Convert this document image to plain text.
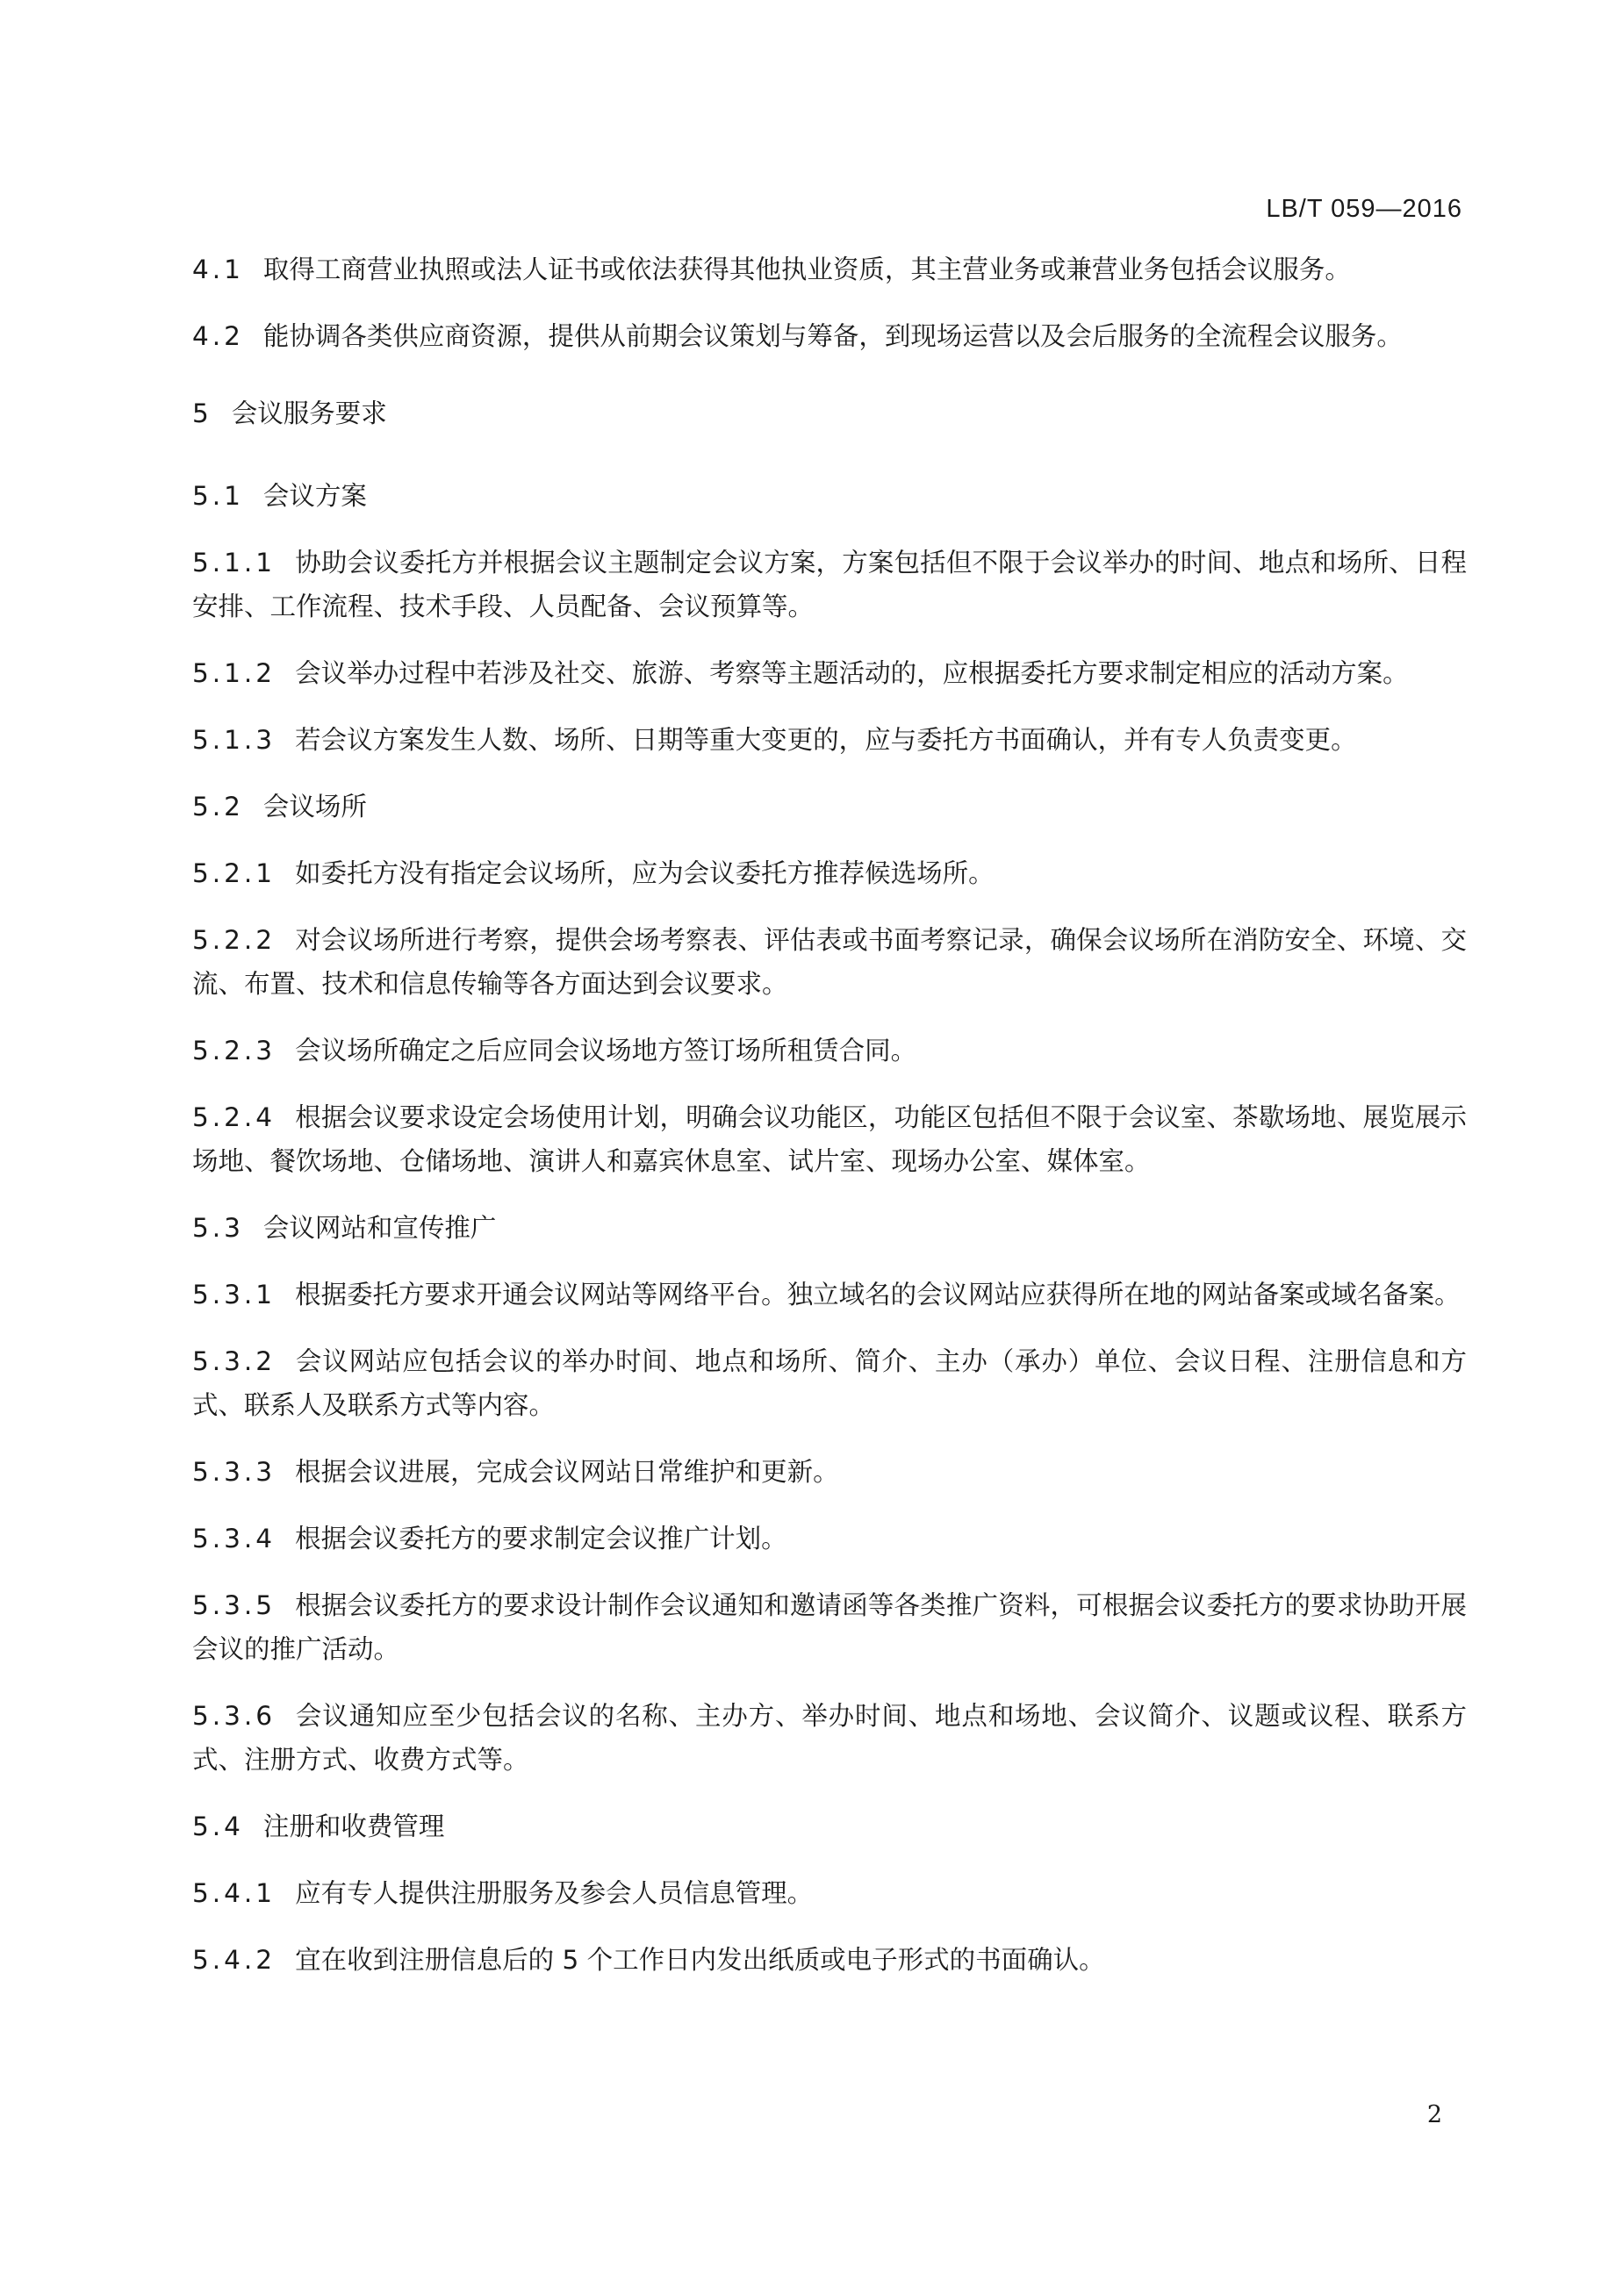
LB/T 059—2016
4.1 取得工商营业执照或法人证书或依法获得其他执业资质，其主营业务或兼营业务包括会议服务。
4.2 能协调各类供应商资源，提供从前期会议策划与筹备，到现场运营以及会后服务的全流程会议服务。
5 会议服务要求
5.1 会议方案
5.1.1 协助会议委托方并根据会议主题制定会议方案，方案包括但不限于会议举办的时间、地点和场所、日程安排、工作流程、技术手段、人员配备、会议预算等。
5.1.2 会议举办过程中若涉及社交、旅游、考察等主题活动的，应根据委托方要求制定相应的活动方案。
5.1.3 若会议方案发生人数、场所、日期等重大变更的，应与委托方书面确认，并有专人负责变更。
5.2 会议场所
5.2.1 如委托方没有指定会议场所，应为会议委托方推荐候选场所。
5.2.2 对会议场所进行考察，提供会场考察表、评估表或书面考察记录，确保会议场所在消防安全、环境、交流、布置、技术和信息传输等各方面达到会议要求。
5.2.3 会议场所确定之后应同会议场地方签订场所租赁合同。
5.2.4 根据会议要求设定会场使用计划，明确会议功能区，功能区包括但不限于会议室、茶歇场地、展览展示场地、餐饮场地、仓储场地、演讲人和嘉宾休息室、试片室、现场办公室、媒体室。
5.3 会议网站和宣传推广
5.3.1 根据委托方要求开通会议网站等网络平台。独立域名的会议网站应获得所在地的网站备案或域名备案。
5.3.2 会议网站应包括会议的举办时间、地点和场所、简介、主办（承办）单位、会议日程、注册信息和方式、联系人及联系方式等内容。
5.3.3 根据会议进展，完成会议网站日常维护和更新。
5.3.4 根据会议委托方的要求制定会议推广计划。
5.3.5 根据会议委托方的要求设计制作会议通知和邀请函等各类推广资料，可根据会议委托方的要求协助开展会议的推广活动。
5.3.6 会议通知应至少包括会议的名称、主办方、举办时间、地点和场地、会议简介、议题或议程、联系方式、注册方式、收费方式等。
5.4 注册和收费管理
5.4.1 应有专人提供注册服务及参会人员信息管理。
5.4.2 宜在收到注册信息后的 5 个工作日内发出纸质或电子形式的书面确认。
2
